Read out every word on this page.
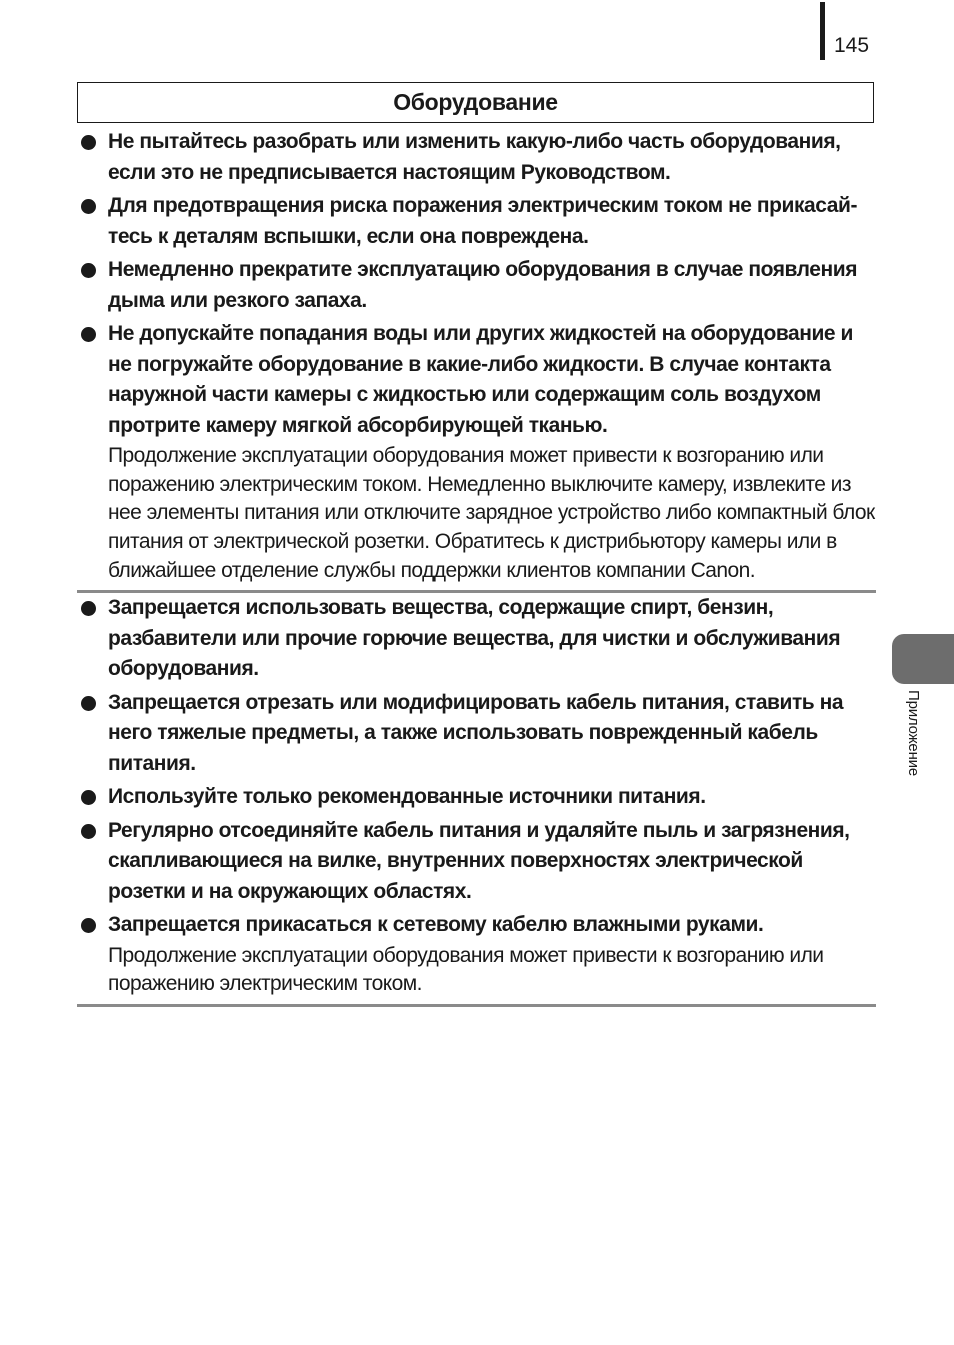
145
Оборудование

Не пытайтесь разобрать или изменить какую-либо часть оборудования, если это не предписывается настоящим Руководством.

Для предотвращения риска поражения электрическим током не прикасай-тесь к деталям вспышки, если она повреждена.

Немедленно прекратите эксплуатацию оборудования в случае появления дыма или резкого запаха.

Не допускайте попадания воды или других жидкостей на оборудование и не погружайте оборудование в какие-либо жидкости. В случае контакта наружной части камеры с жидкостью или содержащим соль воздухом протрите камеру мягкой абсорбирующей тканью.

Продолжение эксплуатации оборудования может привести к возгоранию или поражению электрическим током. Немедленно выключите камеру, извлеките из нее элементы питания или отключите зарядное устройство либо компактный блок питания от электрической розетки. Обратитесь к дистрибьютору камеры или в ближайшее отделение службы поддержки клиентов компании Canon.

Запрещается использовать вещества, содержащие спирт, бензин, разбавители или прочие горючие вещества, для чистки и обслуживания оборудования.

Запрещается отрезать или модифицировать кабель питания, ставить на него тяжелые предметы, а также использовать поврежденный кабель питания.

Используйте только рекомендованные источники питания.

Регулярно отсоединяйте кабель питания и удаляйте пыль и загрязнения, скапливающиеся на вилке, внутренних поверхностях электрической розетки и на окружающих областях.

Запрещается прикасаться к сетевому кабелю влажными руками.

Продолжение эксплуатации оборудования может привести к возгоранию или поражению электрическим током.

Приложение
